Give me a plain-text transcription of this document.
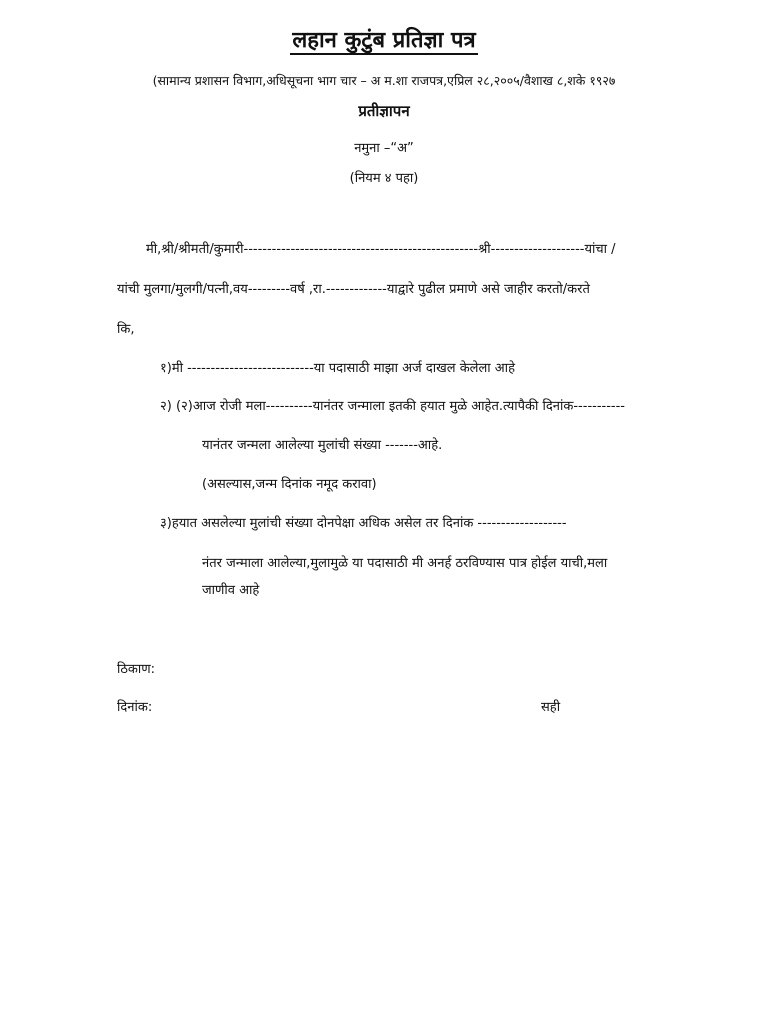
लहान कुटुंब प्रतिज्ञा पत्र
(सामान्य प्रशासन विभाग,अधिसूचना भाग चार – अ म.शा राजपत्र,एप्रिल २८,२००५/वैशाख ८,शके १९२७
प्रतीज्ञापन
नमुना –“अ”
(नियम ४ पहा)
मी,श्री/श्रीमती/कुमारी--------------------------------------------------श्री--------------------यांचा /
यांची मुलगा/मुलगी/पत्नी,वय---------वर्ष ,रा.-------------याद्वारे पुढील प्रमाणे असे जाहीर करतो/करते
कि,
१)मी ---------------------------या पदासाठी माझा अर्ज दाखल केलेला आहे
२) (२)आज रोजी मला----------यानंतर जन्माला इतकी हयात मुळे आहेत.त्यापैकी दिनांक-----------
यानंतर जन्मला आलेल्या मुलांची संख्या -------आहे.
(असल्यास,जन्म दिनांक नमूद करावा)
३)हयात असलेल्या मुलांची संख्या दोनपेक्षा अधिक असेल तर दिनांक -------------------
नंतर जन्माला आलेल्या,मुलामुळे या पदासाठी मी अनर्ह ठरविण्यास पात्र होईल याची,मला
जाणीव आहे
ठिकाण:
दिनांक:	सही
